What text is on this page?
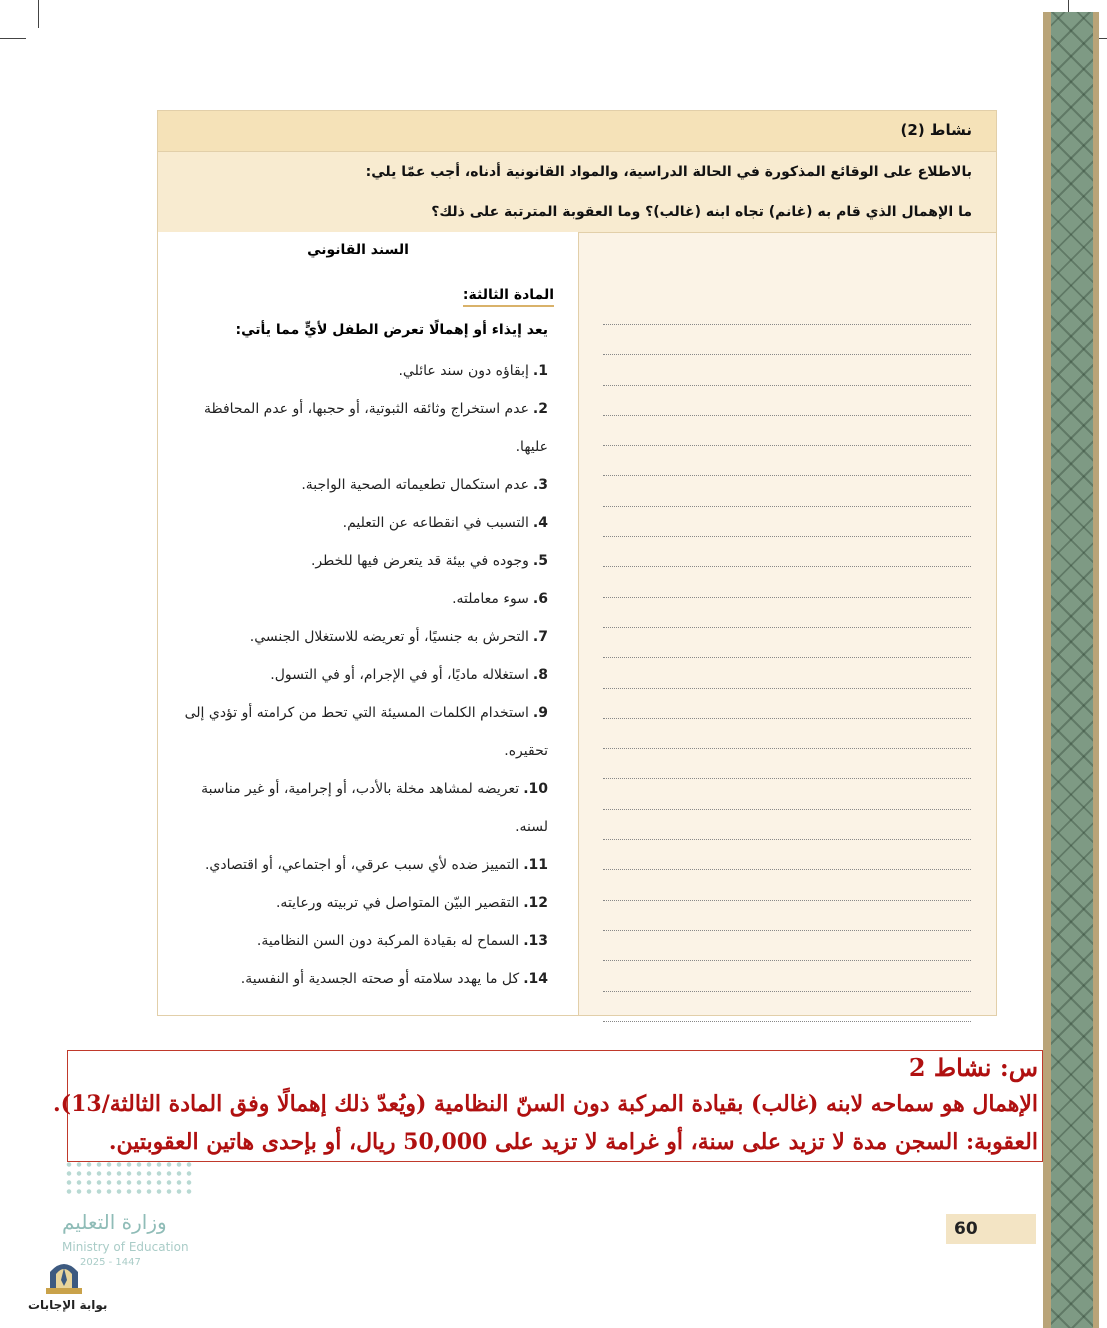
نشاط (2)
بالاطلاع على الوقائع المذكورة في الحالة الدراسية، والمواد القانونية أدناه، أجب عمّا يلي:
ما الإهمال الذي قام به (غانم) تجاه ابنه (غالب)؟ وما العقوبة المترتبة على ذلك؟
السند القانوني
المادة الثالثة:
يعد إيذاء أو إهمالًا تعرض الطفل لأيٍّ مما يأتي:
1.إبقاؤه دون سند عائلي.
2.عدم استخراج وثائقه الثبوتية، أو حجبها، أو عدم المحافظة عليها.
3.عدم استكمال تطعيماته الصحية الواجبة.
4.التسبب في انقطاعه عن التعليم.
5.وجوده في بيئة قد يتعرض فيها للخطر.
6.سوء معاملته.
7.التحرش به جنسيًا، أو تعريضه للاستغلال الجنسي.
8.استغلاله ماديًا، أو في الإجرام، أو في التسول.
9.استخدام الكلمات المسيئة التي تحط من كرامته أو تؤدي إلى تحقيره.
10.تعريضه لمشاهد مخلة بالأدب، أو إجرامية، أو غير مناسبة لسنه.
11.التمييز ضده لأي سبب عرقي، أو اجتماعي، أو اقتصادي.
12.التقصير البيّن المتواصل في تربيته ورعايته.
13.السماح له بقيادة المركبة دون السن النظامية.
14.كل ما يهدد سلامته أو صحته الجسدية أو النفسية.
س: نشاط 2
الإهمال هو سماحه لابنه (غالب) بقيادة المركبة دون السنّ النظامية (ويُعدّ ذلك إهمالًا وفق المادة الثالثة/13).
العقوبة: السجن مدة لا تزيد على سنة، أو غرامة لا تزيد على 50,000 ريال، أو بإحدى هاتين العقوبتين.
60
وزارة التعليم
Ministry of Education
2025 - 1447
بوابة الإجابات
